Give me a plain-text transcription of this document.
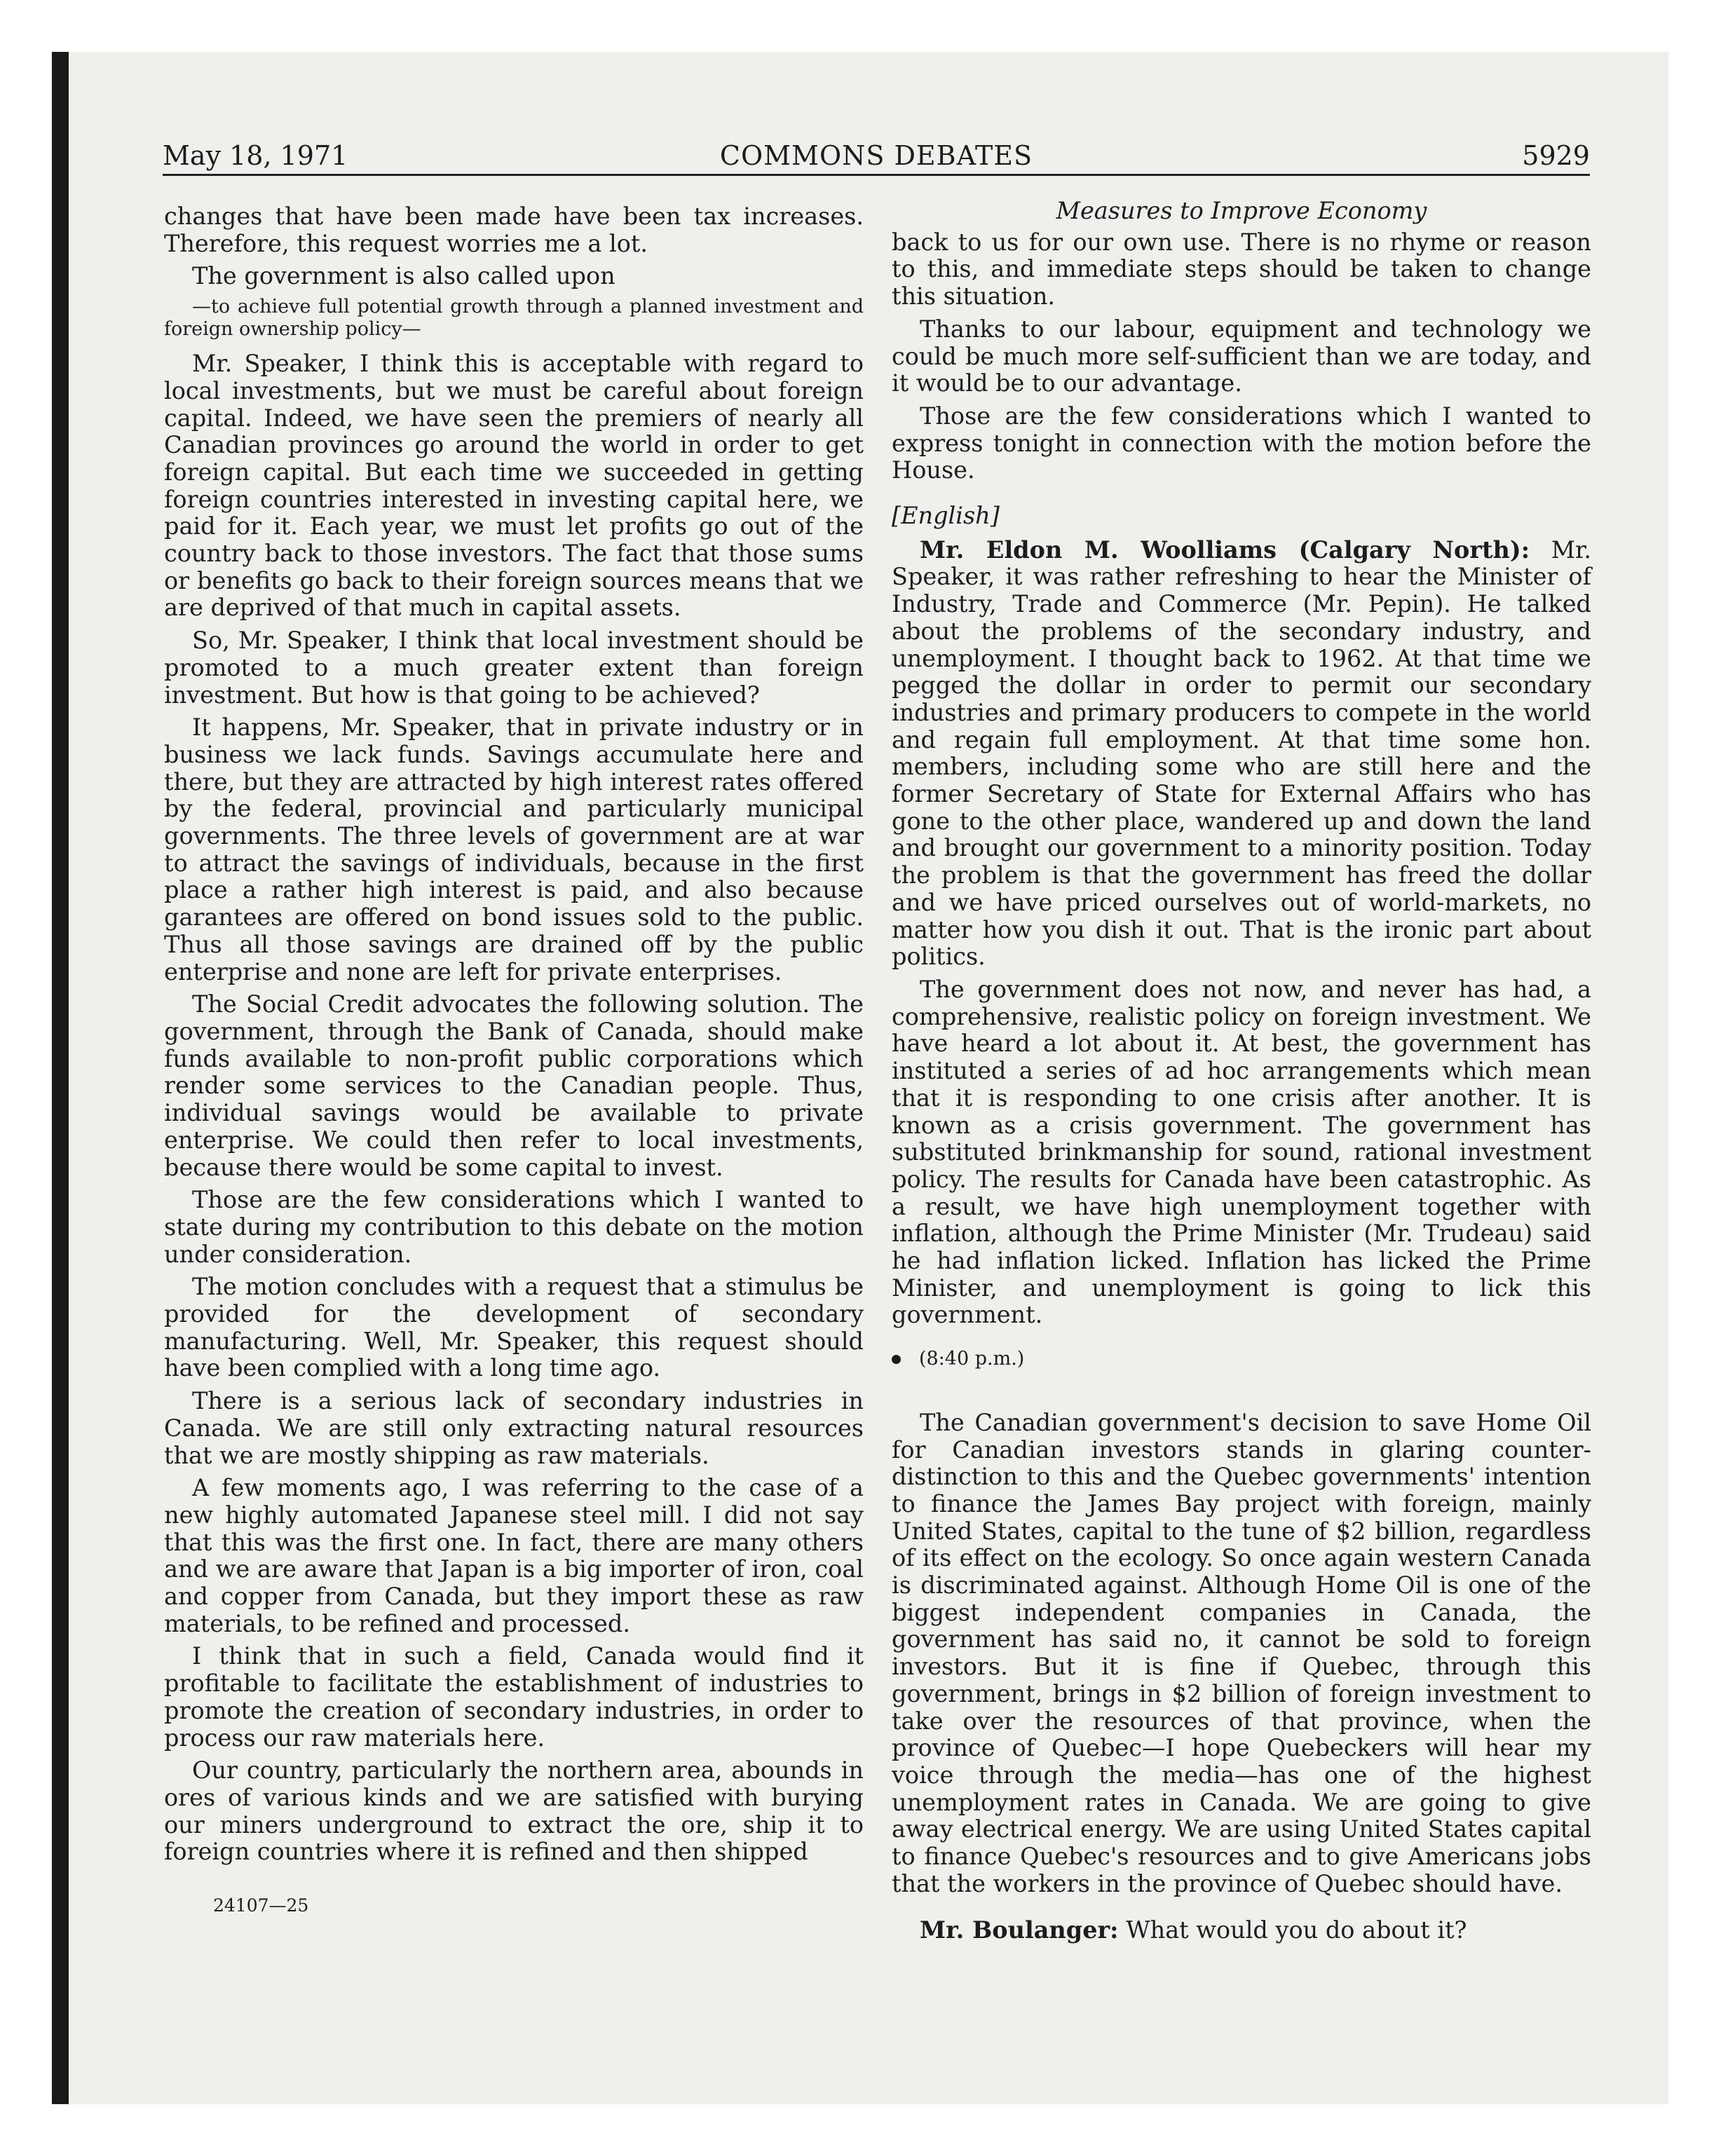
May 18, 1971	COMMONS DEBATES	5929

changes that have been made have been tax increases. Therefore, this request worries me a lot.

The government is also called upon

—to achieve full potential growth through a planned investment and foreign ownership policy—

Mr. Speaker, I think this is acceptable with regard to local investments, but we must be careful about foreign capital. Indeed, we have seen the premiers of nearly all Canadian provinces go around the world in order to get foreign capital. But each time we succeeded in getting foreign countries interested in investing capital here, we paid for it. Each year, we must let profits go out of the country back to those investors. The fact that those sums or benefits go back to their foreign sources means that we are deprived of that much in capital assets.

So, Mr. Speaker, I think that local investment should be promoted to a much greater extent than foreign investment. But how is that going to be achieved?

It happens, Mr. Speaker, that in private industry or in business we lack funds. Savings accumulate here and there, but they are attracted by high interest rates offered by the federal, provincial and particularly municipal governments. The three levels of government are at war to attract the savings of individuals, because in the first place a rather high interest is paid, and also because garantees are offered on bond issues sold to the public. Thus all those savings are drained off by the public enterprise and none are left for private enterprises.

The Social Credit advocates the following solution. The government, through the Bank of Canada, should make funds available to non-profit public corporations which render some services to the Canadian people. Thus, individual savings would be available to private enterprise. We could then refer to local investments, because there would be some capital to invest.

Those are the few considerations which I wanted to state during my contribution to this debate on the motion under consideration.

The motion concludes with a request that a stimulus be provided for the development of secondary manufacturing. Well, Mr. Speaker, this request should have been complied with a long time ago.

There is a serious lack of secondary industries in Canada. We are still only extracting natural resources that we are mostly shipping as raw materials.

A few moments ago, I was referring to the case of a new highly automated Japanese steel mill. I did not say that this was the first one. In fact, there are many others and we are aware that Japan is a big importer of iron, coal and copper from Canada, but they import these as raw materials, to be refined and processed.

I think that in such a field, Canada would find it profitable to facilitate the establishment of industries to promote the creation of secondary industries, in order to process our raw materials here.

Our country, particularly the northern area, abounds in ores of various kinds and we are satisfied with burying our miners underground to extract the ore, ship it to foreign countries where it is refined and then shipped

24107—25

Measures to Improve Economy

back to us for our own use. There is no rhyme or reason to this, and immediate steps should be taken to change this situation.

Thanks to our labour, equipment and technology we could be much more self-sufficient than we are today, and it would be to our advantage.

Those are the few considerations which I wanted to express tonight in connection with the motion before the House.

[English]

Mr. Eldon M. Woolliams (Calgary North): Mr. Speaker, it was rather refreshing to hear the Minister of Industry, Trade and Commerce (Mr. Pepin). He talked about the problems of the secondary industry, and unemployment. I thought back to 1962. At that time we pegged the dollar in order to permit our secondary industries and primary producers to compete in the world and regain full employment. At that time some hon. members, including some who are still here and the former Secretary of State for External Affairs who has gone to the other place, wandered up and down the land and brought our government to a minority position. Today the problem is that the government has freed the dollar and we have priced ourselves out of world-markets, no matter how you dish it out. That is the ironic part about politics.

The government does not now, and never has had, a comprehensive, realistic policy on foreign investment. We have heard a lot about it. At best, the government has instituted a series of ad hoc arrangements which mean that it is responding to one crisis after another. It is known as a crisis government. The government has substituted brinkmanship for sound, rational investment policy. The results for Canada have been catastrophic. As a result, we have high unemployment together with inflation, although the Prime Minister (Mr. Trudeau) said he had inflation licked. Inflation has licked the Prime Minister, and unemployment is going to lick this government.

(8:40 p.m.)

The Canadian government's decision to save Home Oil for Canadian investors stands in glaring counter-distinction to this and the Quebec governments' intention to finance the James Bay project with foreign, mainly United States, capital to the tune of $2 billion, regardless of its effect on the ecology. So once again western Canada is discriminated against. Although Home Oil is one of the biggest independent companies in Canada, the government has said no, it cannot be sold to foreign investors. But it is fine if Quebec, through this government, brings in $2 billion of foreign investment to take over the resources of that province, when the province of Quebec—I hope Quebeckers will hear my voice through the media—has one of the highest unemployment rates in Canada. We are going to give away electrical energy. We are using United States capital to finance Quebec's resources and to give Americans jobs that the workers in the province of Quebec should have.

Mr. Boulanger: What would you do about it?
